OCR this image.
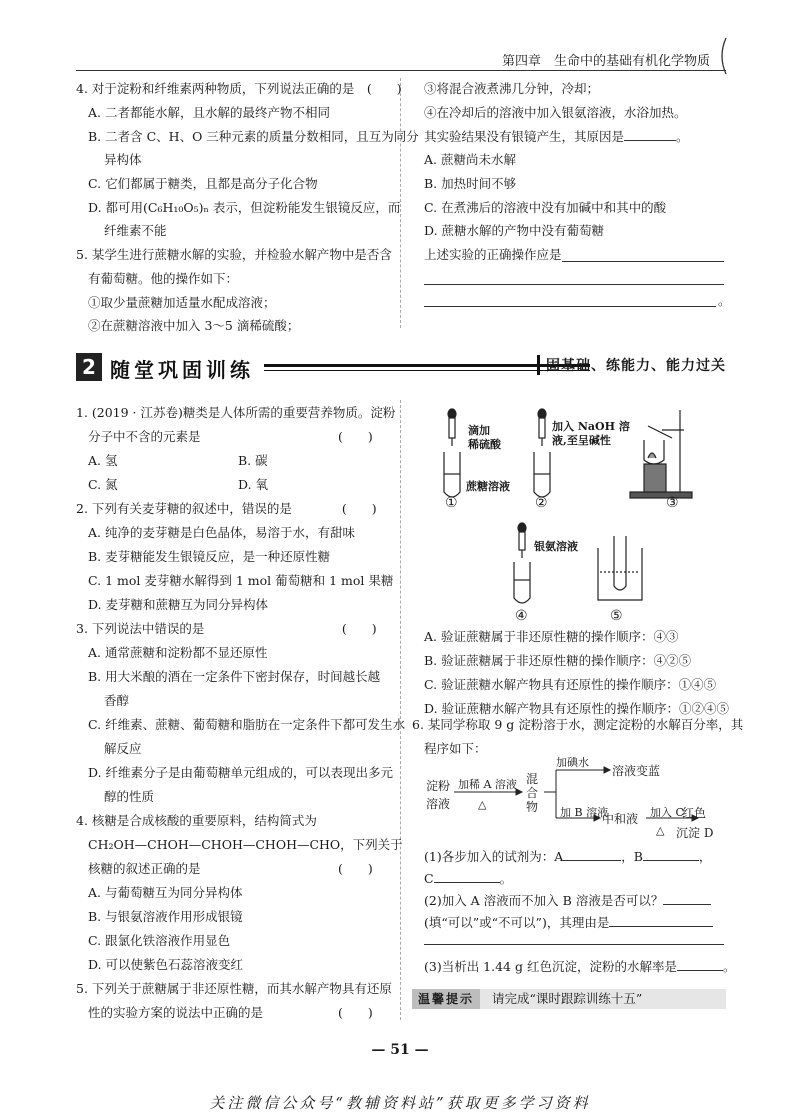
第四章　生命中的基础有机化学物质
4. 对于淀粉和纤维素两种物质，下列说法正确的是　(　　)
A. 二者都能水解，且水解的最终产物不相同
B. 二者含 C、H、O 三种元素的质量分数相同，且互为同分
异构体
C. 它们都属于糖类，且都是高分子化合物
D. 都可用(C₆H₁₀O₅)ₙ 表示，但淀粉能发生银镜反应，而
纤维素不能
5. 某学生进行蔗糖水解的实验，并检验水解产物中是否含
有葡萄糖。他的操作如下：
①取少量蔗糖加适量水配成溶液；
②在蔗糖溶液中加入 3～5 滴稀硫酸；
③将混合液煮沸几分钟，冷却；
④在冷却后的溶液中加入银氨溶液，水浴加热。
其实验结果没有银镜产生，其原因是	。
A. 蔗糖尚未水解
B. 加热时间不够
C. 在煮沸后的溶液中没有加碱中和其中的酸
D. 蔗糖水解的产物中没有葡萄糖
上述实验的正确操作应是
。
2 随堂巩固训练	固基础、练能力、能力过关
1. (2019 · 江苏卷)糖类是人体所需的重要营养物质。淀粉
分子中不含的元素是　　　　　　　　　　　(　　)
A. 氢	B. 碳
C. 氮	D. 氧
2. 下列有关麦芽糖的叙述中，错误的是　　　　(　　)
A. 纯净的麦芽糖是白色晶体，易溶于水，有甜味
B. 麦芽糖能发生银镜反应，是一种还原性糖
C. 1 mol 麦芽糖水解得到 1 mol 葡萄糖和 1 mol 果糖
D. 麦芽糖和蔗糖互为同分异构体
3. 下列说法中错误的是　　　　　　　　　　　(　　)
A. 通常蔗糖和淀粉都不显还原性
B. 用大米酿的酒在一定条件下密封保存，时间越长越
香醇
C. 纤维素、蔗糖、葡萄糖和脂肪在一定条件下都可发生水
解反应
D. 纤维素分子是由葡萄糖单元组成的，可以表现出多元
醇的性质
4. 核糖是合成核酸的重要原料，结构简式为
CH₂OH—CHOH—CHOH—CHOH—CHO，下列关于
核糖的叙述正确的是　　　　　　　　　　　(　　)
A. 与葡萄糖互为同分异构体
B. 与银氨溶液作用形成银镜
C. 跟氯化铁溶液作用显色
D. 可以使紫色石蕊溶液变红
5. 下列关于蔗糖属于非还原性糖，而其水解产物具有还原
性的实验方案的说法中正确的是　　　　　　(　　)
滴加
稀硫酸
加入 NaOH 溶
液,至呈碱性
蔗糖溶液
银氨溶液
①	②	③
④	⑤
A. 验证蔗糖属于非还原性糖的操作顺序：④③
B. 验证蔗糖属于非还原性糖的操作顺序：④②⑤
C. 验证蔗糖水解产物具有还原性的操作顺序：①④⑤
D. 验证蔗糖水解产物具有还原性的操作顺序：①②④⑤
6. 某同学称取 9 g 淀粉溶于水，测定淀粉的水解百分率，其
程序如下：
淀粉
溶液
加稀 A 溶液
△
混
合
物
加碘水
溶液变蓝
加 B 溶液
中和液 加入 C
△
红色
沉淀 D
(1)各步加入的试剂为：A	，B	，
C	。
(2)加入 A 溶液而不加入 B 溶液是否可以？
(填“可以”或“不可以”)，其理由是
(3)当析出 1.44 g 红色沉淀，淀粉的水解率是	。
温馨提示	请完成“课时跟踪训练十五”
— 51 —
关注微信公众号“教辅资料站”获取更多学习资料
